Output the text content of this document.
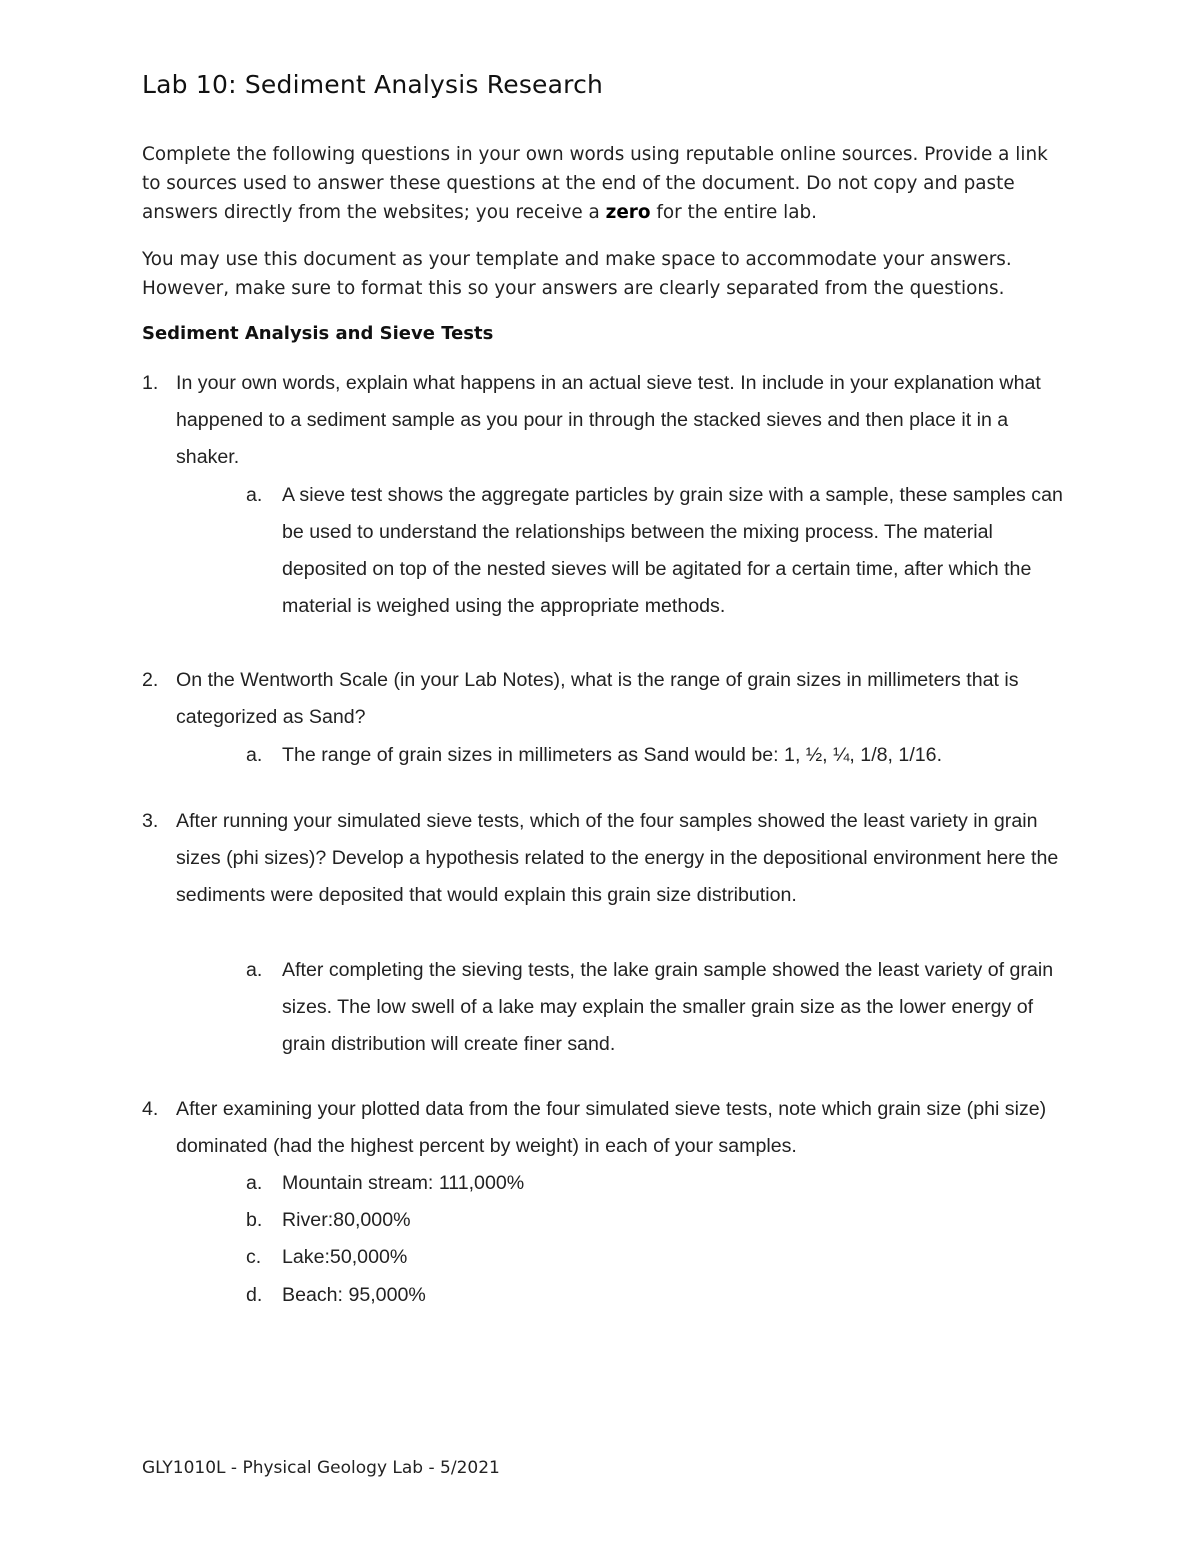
Lab 10: Sediment Analysis Research

Complete the following questions in your own words using reputable online sources. Provide a link to sources used to answer these questions at the end of the document. Do not copy and paste answers directly from the websites; you receive a zero for the entire lab.

You may use this document as your template and make space to accommodate your answers. However, make sure to format this so your answers are clearly separated from the questions.

Sediment Analysis and Sieve Tests
1. In your own words, explain what happens in an actual sieve test. In include in your explanation what happened to a sediment sample as you pour in through the stacked sieves and then place it in a shaker.
a. A sieve test shows the aggregate particles by grain size with a sample, these samples can be used to understand the relationships between the mixing process. The material deposited on top of the nested sieves will be agitated for a certain time, after which the material is weighed using the appropriate methods.
2. On the Wentworth Scale (in your Lab Notes), what is the range of grain sizes in millimeters that is categorized as Sand?
a. The range of grain sizes in millimeters as Sand would be: 1, ½, ¼, 1/8, 1/16.
3. After running your simulated sieve tests, which of the four samples showed the least variety in grain sizes (phi sizes)? Develop a hypothesis related to the energy in the depositional environment here the sediments were deposited that would explain this grain size distribution.
a. After completing the sieving tests, the lake grain sample showed the least variety of grain sizes. The low swell of a lake may explain the smaller grain size as the lower energy of grain distribution will create finer sand.
4. After examining your plotted data from the four simulated sieve tests, note which grain size (phi size) dominated (had the highest percent by weight) in each of your samples.
a. Mountain stream: 111,000%
b. River:80,000%
c. Lake:50,000%
d. Beach: 95,000%
GLY1010L - Physical Geology Lab - 5/2021
